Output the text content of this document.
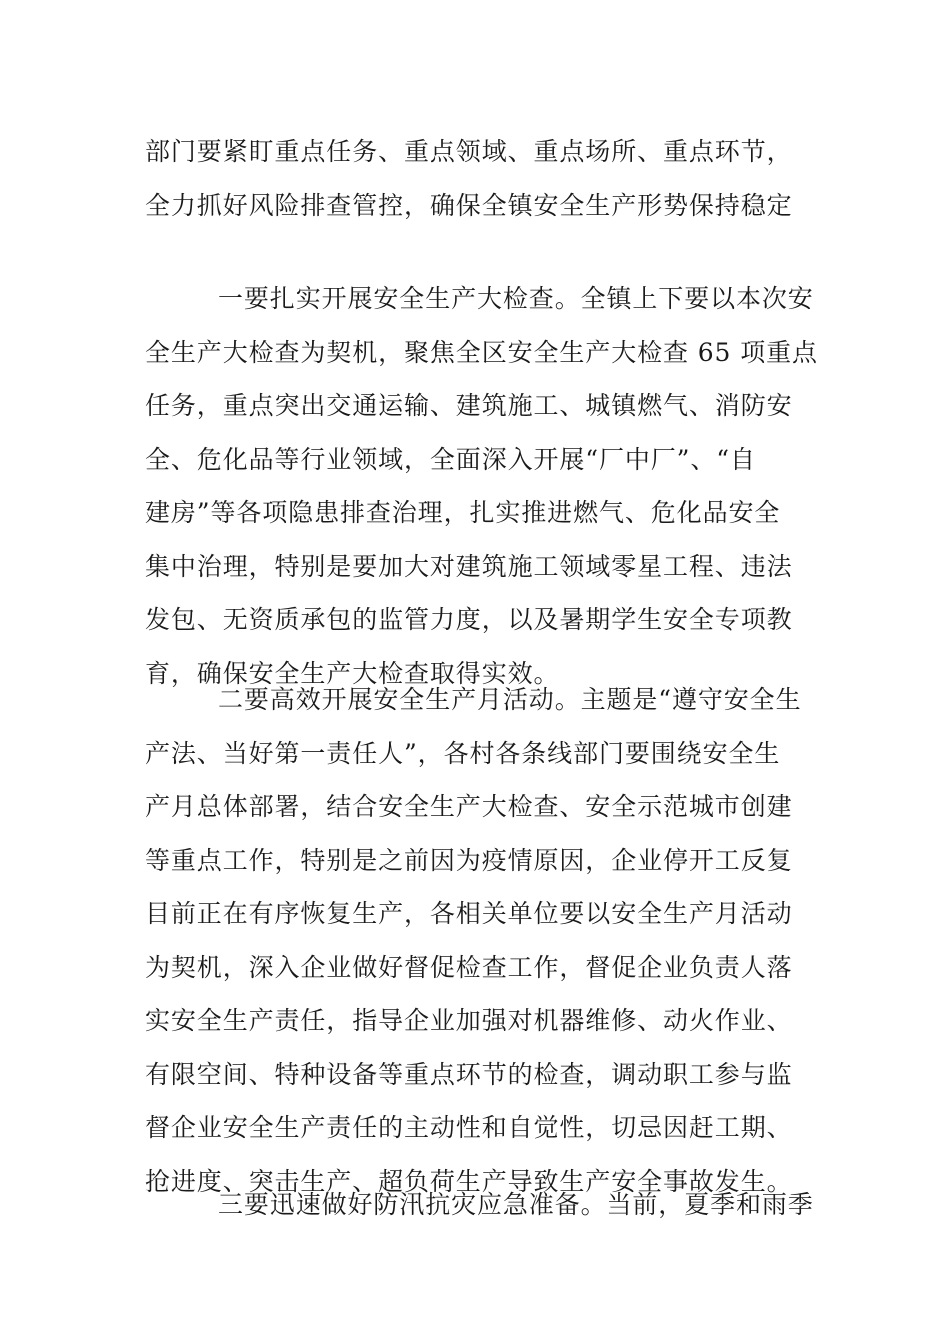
部门要紧盯重点任务、重点领域、重点场所、重点环节，
全力抓好风险排查管控，确保全镇安全生产形势保持稳定
一要扎实开展安全生产大检查。全镇上下要以本次安
全生产大检查为契机，聚焦全区安全生产大检查 65 项重点
任务，重点突出交通运输、建筑施工、城镇燃气、消防安
全、危化品等行业领域，全面深入开展“厂中厂”、“自
建房”等各项隐患排查治理，扎实推进燃气、危化品安全
集中治理，特别是要加大对建筑施工领域零星工程、违法
发包、无资质承包的监管力度，以及暑期学生安全专项教
育，确保安全生产大检查取得实效。
二要高效开展安全生产月活动。主题是“遵守安全生
产法、当好第一责任人”，各村各条线部门要围绕安全生
产月总体部署，结合安全生产大检查、安全示范城市创建
等重点工作，特别是之前因为疫情原因，企业停开工反复
目前正在有序恢复生产，各相关单位要以安全生产月活动
为契机，深入企业做好督促检查工作，督促企业负责人落
实安全生产责任，指导企业加强对机器维修、动火作业、
有限空间、特种设备等重点环节的检查，调动职工参与监
督企业安全生产责任的主动性和自觉性，切忌因赶工期、
抢进度、突击生产、超负荷生产导致生产安全事故发生。
三要迅速做好防汛抗灾应急准备。当前，夏季和雨季
